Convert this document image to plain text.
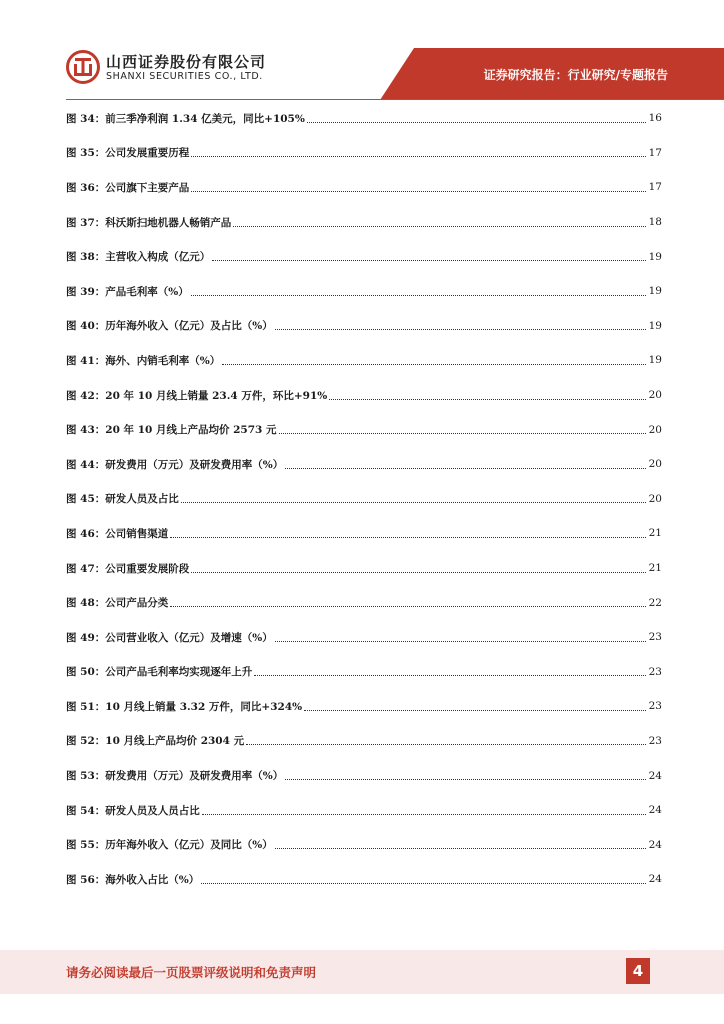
山西证券股份有限公司
SHANXI SECURITIES CO., LTD.	证券研究报告：行业研究/专题报告
图 34：前三季净利润 1.34 亿美元，同比+105%	16
图 35：公司发展重要历程	17
图 36：公司旗下主要产品	17
图 37：科沃斯扫地机器人畅销产品	18
图 38：主营收入构成（亿元）	19
图 39：产品毛利率（%）	19
图 40：历年海外收入（亿元）及占比（%）	19
图 41：海外、内销毛利率（%）	19
图 42：20 年 10 月线上销量 23.4 万件，环比+91%	20
图 43：20 年 10 月线上产品均价 2573 元	20
图 44：研发费用（万元）及研发费用率（%）	20
图 45：研发人员及占比	20
图 46：公司销售渠道	21
图 47：公司重要发展阶段	21
图 48：公司产品分类	22
图 49：公司营业收入（亿元）及增速（%）	23
图 50：公司产品毛利率均实现逐年上升	23
图 51：10 月线上销量 3.32 万件，同比+324%	23
图 52：10 月线上产品均价 2304 元	23
图 53：研发费用（万元）及研发费用率（%）	24
图 54：研发人员及人员占比	24
图 55：历年海外收入（亿元）及同比（%）	24
图 56：海外收入占比（%）	24
请务必阅读最后一页股票评级说明和免责声明	4
